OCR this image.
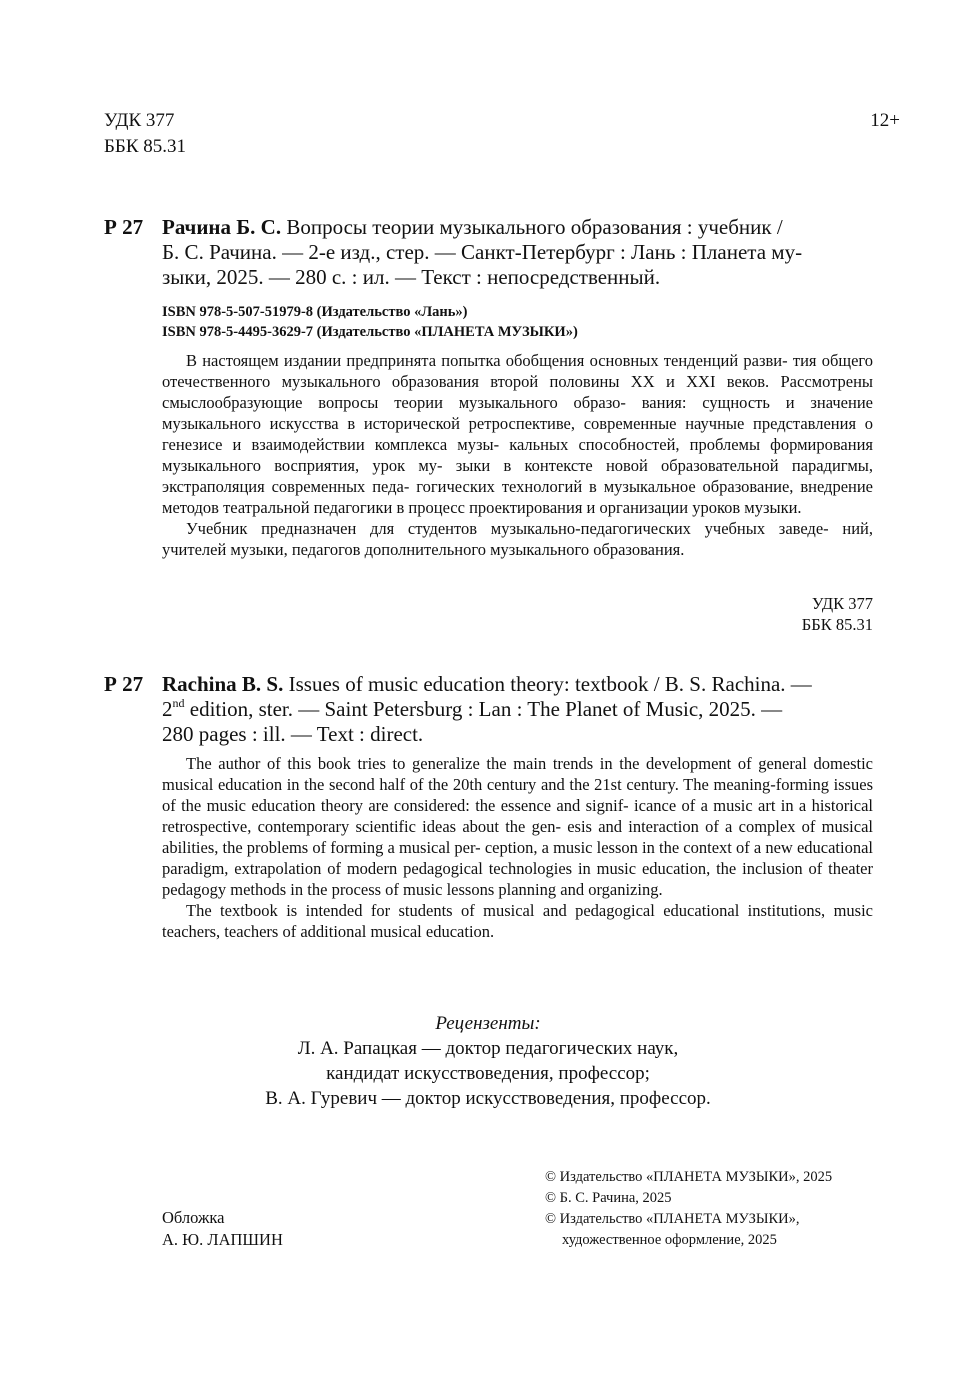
УДК 377
ББК 85.31
12+
Р 27 Рачина Б. С. Вопросы теории музыкального образования : учебник /
Б. С. Рачина. — 2-е изд., стер. — Санкт-Петербург : Лань : Планета му-
зыки, 2025. — 280 с. : ил. — Текст : непосредственный.
ISBN 978-5-507-51979-8 (Издательство «Лань»)
ISBN 978-5-4495-3629-7 (Издательство «ПЛАНЕТА МУЗЫКИ»)

В настоящем издании предпринята попытка обобщения основных тенденций разви- тия общего отечественного музыкального образования второй половины XX и XXI веков. Рассмотрены смыслообразующие вопросы теории музыкального образо- вания: сущность и значение музыкального искусства в исторической ретроспективе, современные научные представления о генезисе и взаимодействии комплекса музы- кальных способностей, проблемы формирования музыкального восприятия, урок му- зыки в контексте новой образовательной парадигмы, экстраполяция современных педа- гогических технологий в музыкальное образование, внедрение методов театральной педагогики в процесс проектирования и организации уроков музыки.

Учебник предназначен для студентов музыкально-педагогических учебных заведе- ний, учителей музыки, педагогов дополнительного музыкального образования.

УДК 377
ББК 85.31
Р 27 Rachina B. S. Issues of music education theory: textbook / B. S. Rachina. —
2nd edition, ster. — Saint Petersburg : Lan : The Planet of Music, 2025. —
280 pages : ill. — Text : direct.

The author of this book tries to generalize the main trends in the development of general domestic musical education in the second half of the 20th century and the 21st century. The meaning-forming issues of the music education theory are considered: the essence and signif- icance of a music art in a historical retrospective, contemporary scientific ideas about the gen- esis and interaction of a complex of musical abilities, the problems of forming a musical per- ception, a music lesson in the context of a new educational paradigm, extrapolation of modern pedagogical technologies in music education, the inclusion of theater pedagogy methods in the process of music lessons planning and organizing.

The textbook is intended for students of musical and pedagogical educational institutions, music teachers, teachers of additional musical education.

Рецензенты:
Л. А. Рапацкая — доктор педагогических наук,
кандидат искусствоведения, профессор;
В. А. Гуревич — доктор искусствоведения, профессор.
Обложка
А. Ю. ЛАПШИН
© Издательство «ПЛАНЕТА МУЗЫКИ», 2025
© Б. С. Рачина, 2025
© Издательство «ПЛАНЕТА МУЗЫКИ»,
художественное оформление, 2025
